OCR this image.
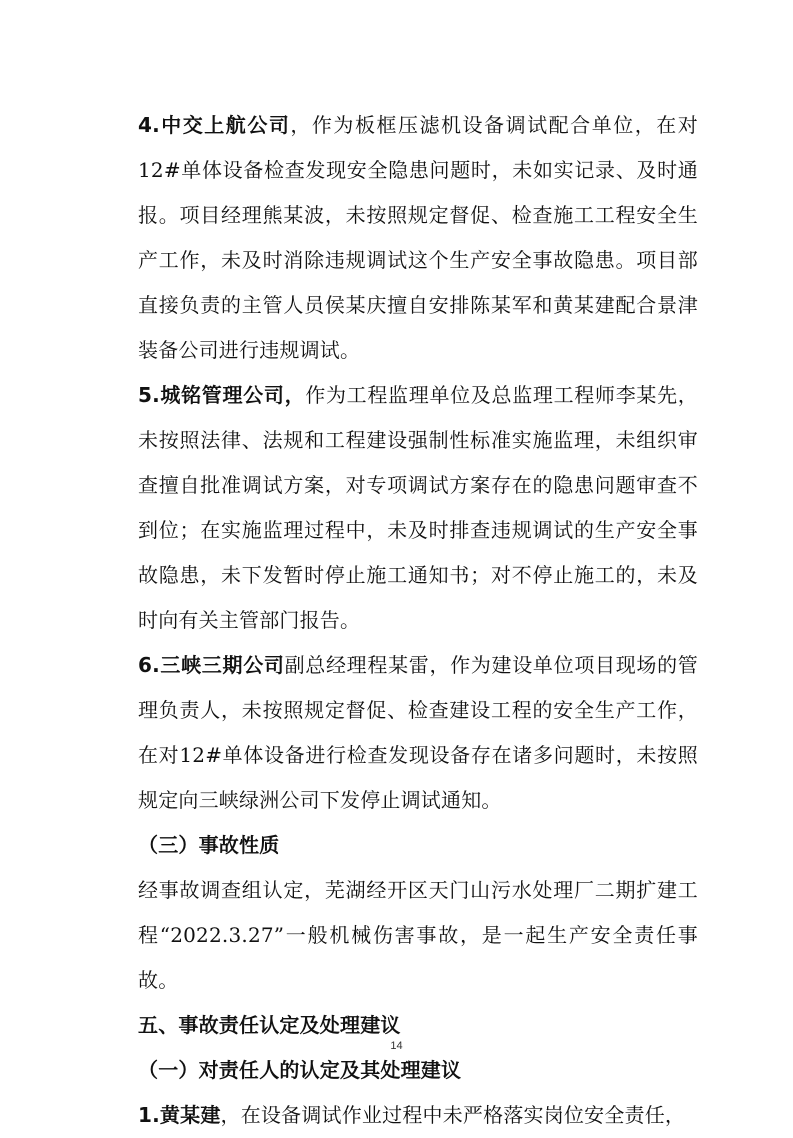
4.中交上航公司，作为板框压滤机设备调试配合单位，在对12#单体设备检查发现安全隐患问题时，未如实记录、及时通报。项目经理熊某波，未按照规定督促、检查施工工程安全生产工作，未及时消除违规调试这个生产安全事故隐患。项目部直接负责的主管人员侯某庆擅自安排陈某军和黄某建配合景津装备公司进行违规调试。

5.城铭管理公司，作为工程监理单位及总监理工程师李某先，未按照法律、法规和工程建设强制性标准实施监理，未组织审查擅自批准调试方案，对专项调试方案存在的隐患问题审查不到位；在实施监理过程中，未及时排查违规调试的生产安全事故隐患，未下发暂时停止施工通知书；对不停止施工的，未及时向有关主管部门报告。

6.三峡三期公司副总经理程某雷，作为建设单位项目现场的管理负责人，未按照规定督促、检查建设工程的安全生产工作，在对12#单体设备进行检查发现设备存在诸多问题时，未按照规定向三峡绿洲公司下发停止调试通知。

（三）事故性质

经事故调查组认定，芜湖经开区天门山污水处理厂二期扩建工程“2022.3.27”一般机械伤害事故，是一起生产安全责任事故。

五、事故责任认定及处理建议

（一）对责任人的认定及其处理建议

1.黄某建，在设备调试作业过程中未严格落实岗位安全责任，

14
